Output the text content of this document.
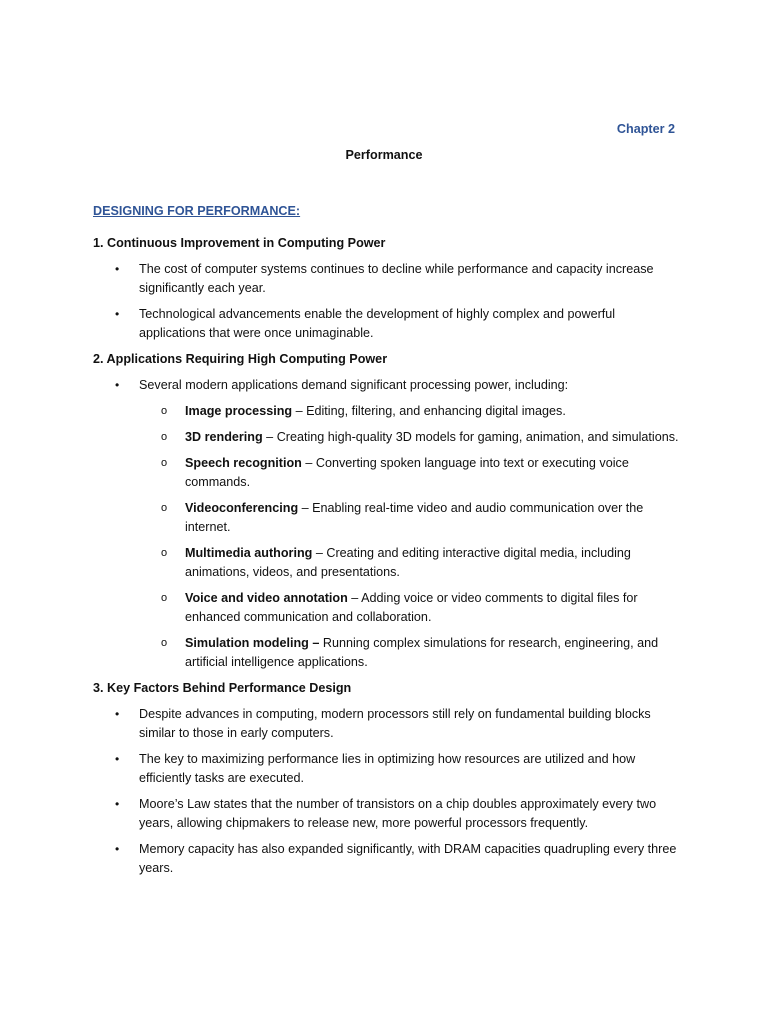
Chapter 2
Performance
DESIGNING FOR PERFORMANCE:
1. Continuous Improvement in Computing Power
• The cost of computer systems continues to decline while performance and capacity increase significantly each year.
• Technological advancements enable the development of highly complex and powerful applications that were once unimaginable.
2. Applications Requiring High Computing Power
• Several modern applications demand significant processing power, including:
o Image processing – Editing, filtering, and enhancing digital images.
o 3D rendering – Creating high-quality 3D models for gaming, animation, and simulations.
o Speech recognition – Converting spoken language into text or executing voice commands.
o Videoconferencing – Enabling real-time video and audio communication over the internet.
o Multimedia authoring – Creating and editing interactive digital media, including animations, videos, and presentations.
o Voice and video annotation – Adding voice or video comments to digital files for enhanced communication and collaboration.
o Simulation modeling – Running complex simulations for research, engineering, and artificial intelligence applications.
3. Key Factors Behind Performance Design
• Despite advances in computing, modern processors still rely on fundamental building blocks similar to those in early computers.
• The key to maximizing performance lies in optimizing how resources are utilized and how efficiently tasks are executed.
• Moore’s Law states that the number of transistors on a chip doubles approximately every two years, allowing chipmakers to release new, more powerful processors frequently.
• Memory capacity has also expanded significantly, with DRAM capacities quadrupling every three years.
